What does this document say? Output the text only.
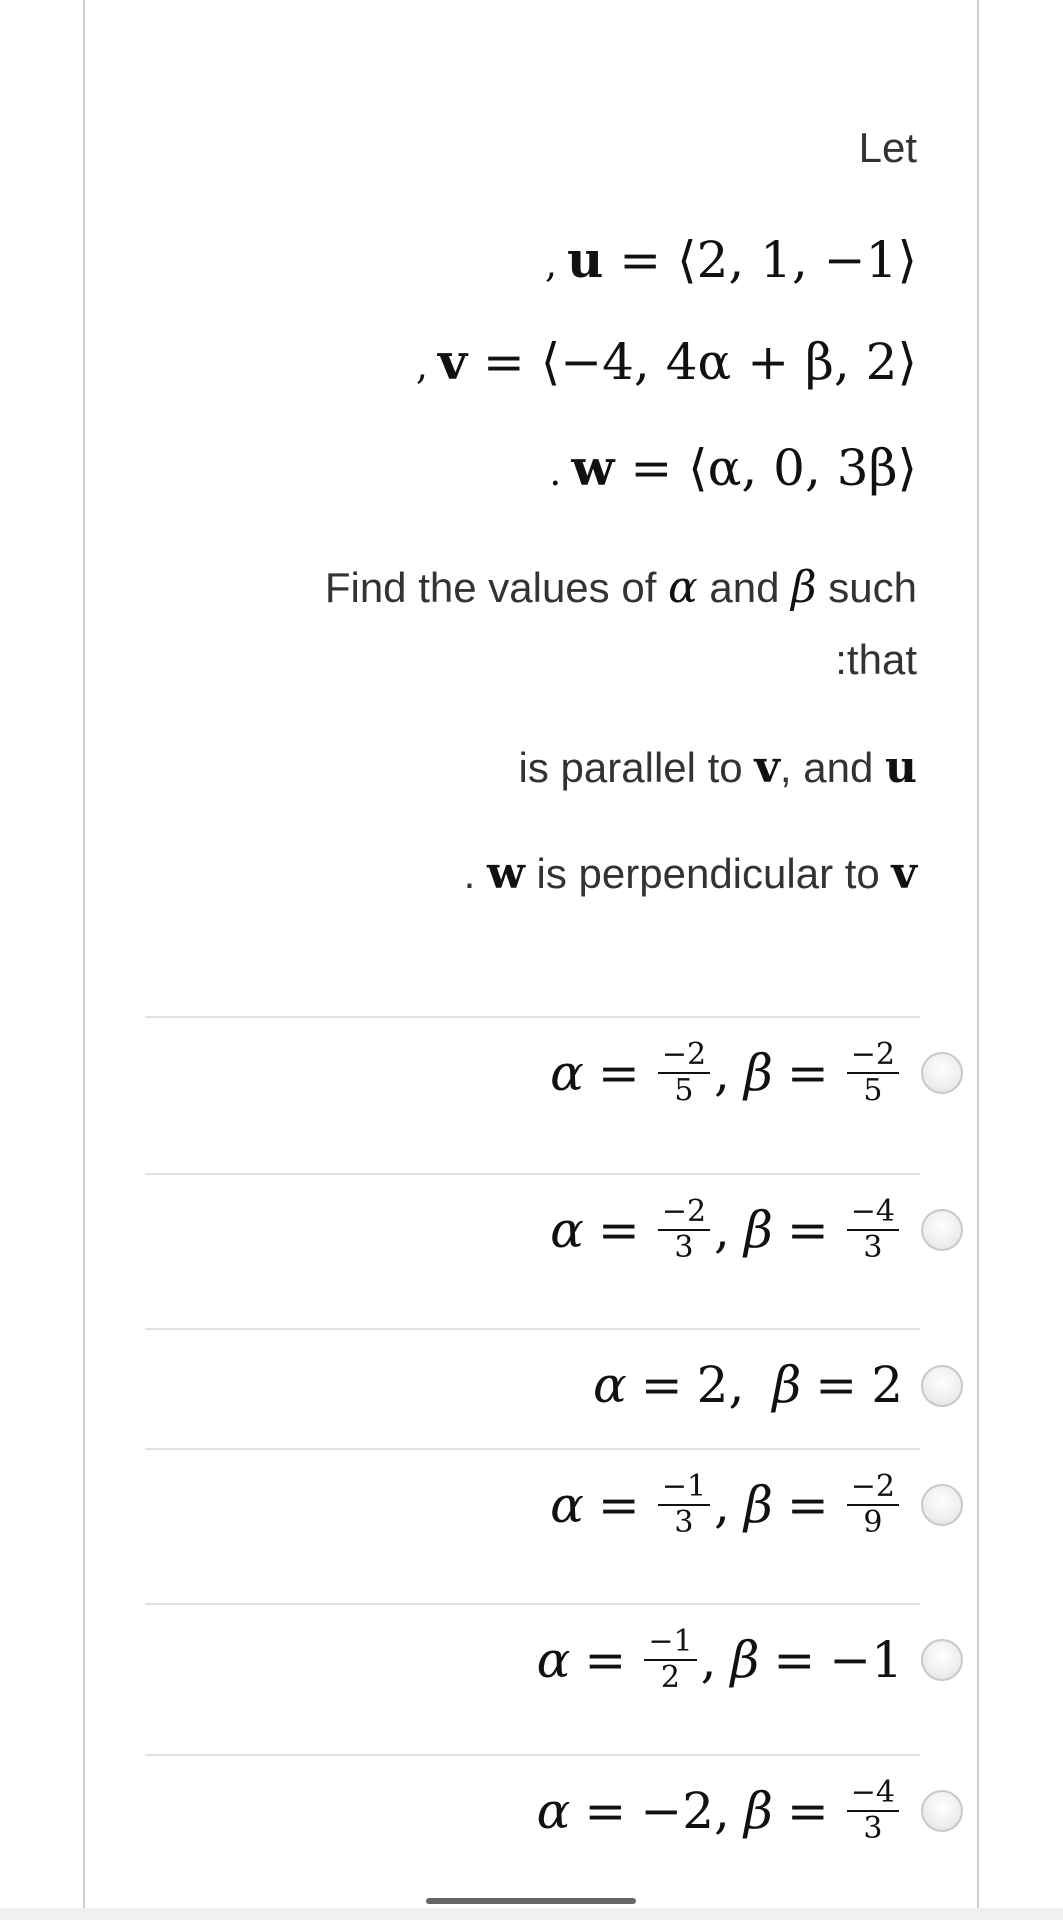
Let
, u = ⟨2, 1, −1⟩
, v = ⟨−4, 4α + β, 2⟩
. w = ⟨α, 0, 3β⟩
Find the values of α and β such
:that
is parallel to v, and u
. w is perpendicular to v
$\alpha = \frac{-2}{5}$ , $\beta = \frac{-2}{5}$
$\alpha = \frac{-2}{3}$ , $\beta = \frac{-4}{3}$
α = 2 , β = 2
$\alpha = \frac{-1}{3}$ , $\beta = \frac{-2}{9}$
$\alpha = \frac{-1}{2}$ , β = −1
α = −2 , $\beta = \frac{-4}{3}$
